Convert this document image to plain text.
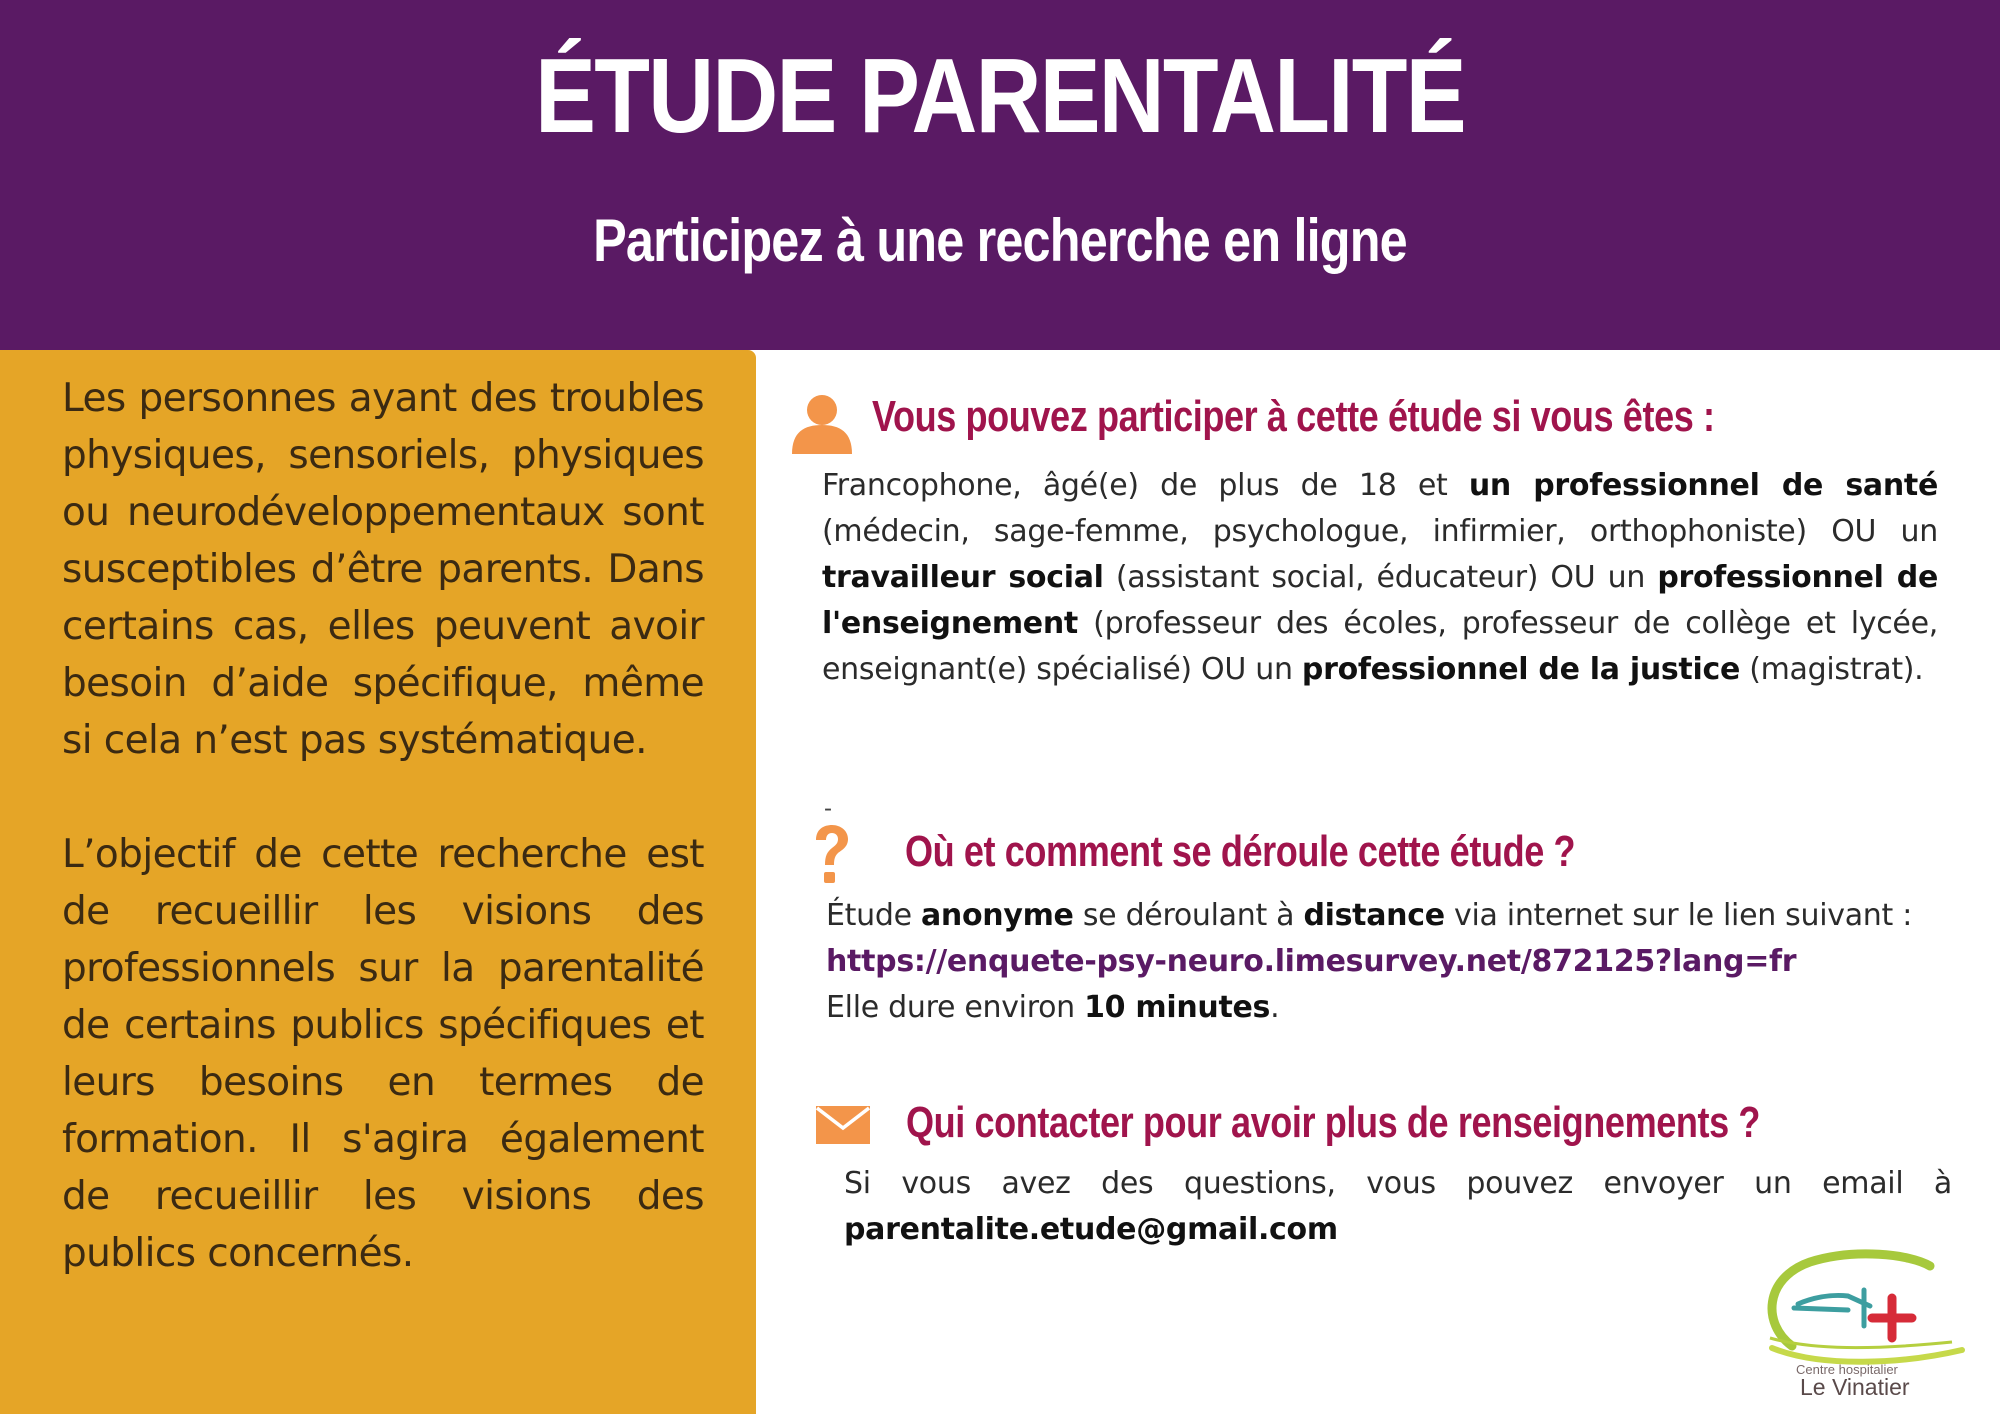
ÉTUDE PARENTALITÉ
Participez à une recherche en ligne

Les personnes ayant des troubles physiques, sensoriels, physiques ou neurodéveloppementaux sont susceptibles d’être parents. Dans certains cas, elles peuvent avoir besoin d’aide spécifique, même si cela n’est pas systématique.

L’objectif de cette recherche est de recueillir les visions des professionnels sur la parentalité de certains publics spécifiques et leurs besoins en termes de formation. Il s'agira également de recueillir les visions des publics concernés.

Vous pouvez participer à cette étude si vous êtes :
Francophone, âgé(e) de plus de 18 et un professionnel de santé (médecin, sage-femme, psychologue, infirmier, orthophoniste) OU un travailleur social (assistant social, éducateur) OU un professionnel de l'enseignement (professeur des écoles, professeur de collège et lycée, enseignant(e) spécialisé) OU un professionnel de la justice (magistrat).
-
Où et comment se déroule cette étude ?
Étude anonyme se déroulant à distance via internet sur le lien suivant :
https://enquete-psy-neuro.limesurvey.net/872125?lang=fr
Elle dure environ 10 minutes.
Qui contacter pour avoir plus de renseignements ?
Si vous avez des questions, vous pouvez envoyer un email à
parentalite.etude@gmail.com
Centre hospitalier
Le Vinatier
